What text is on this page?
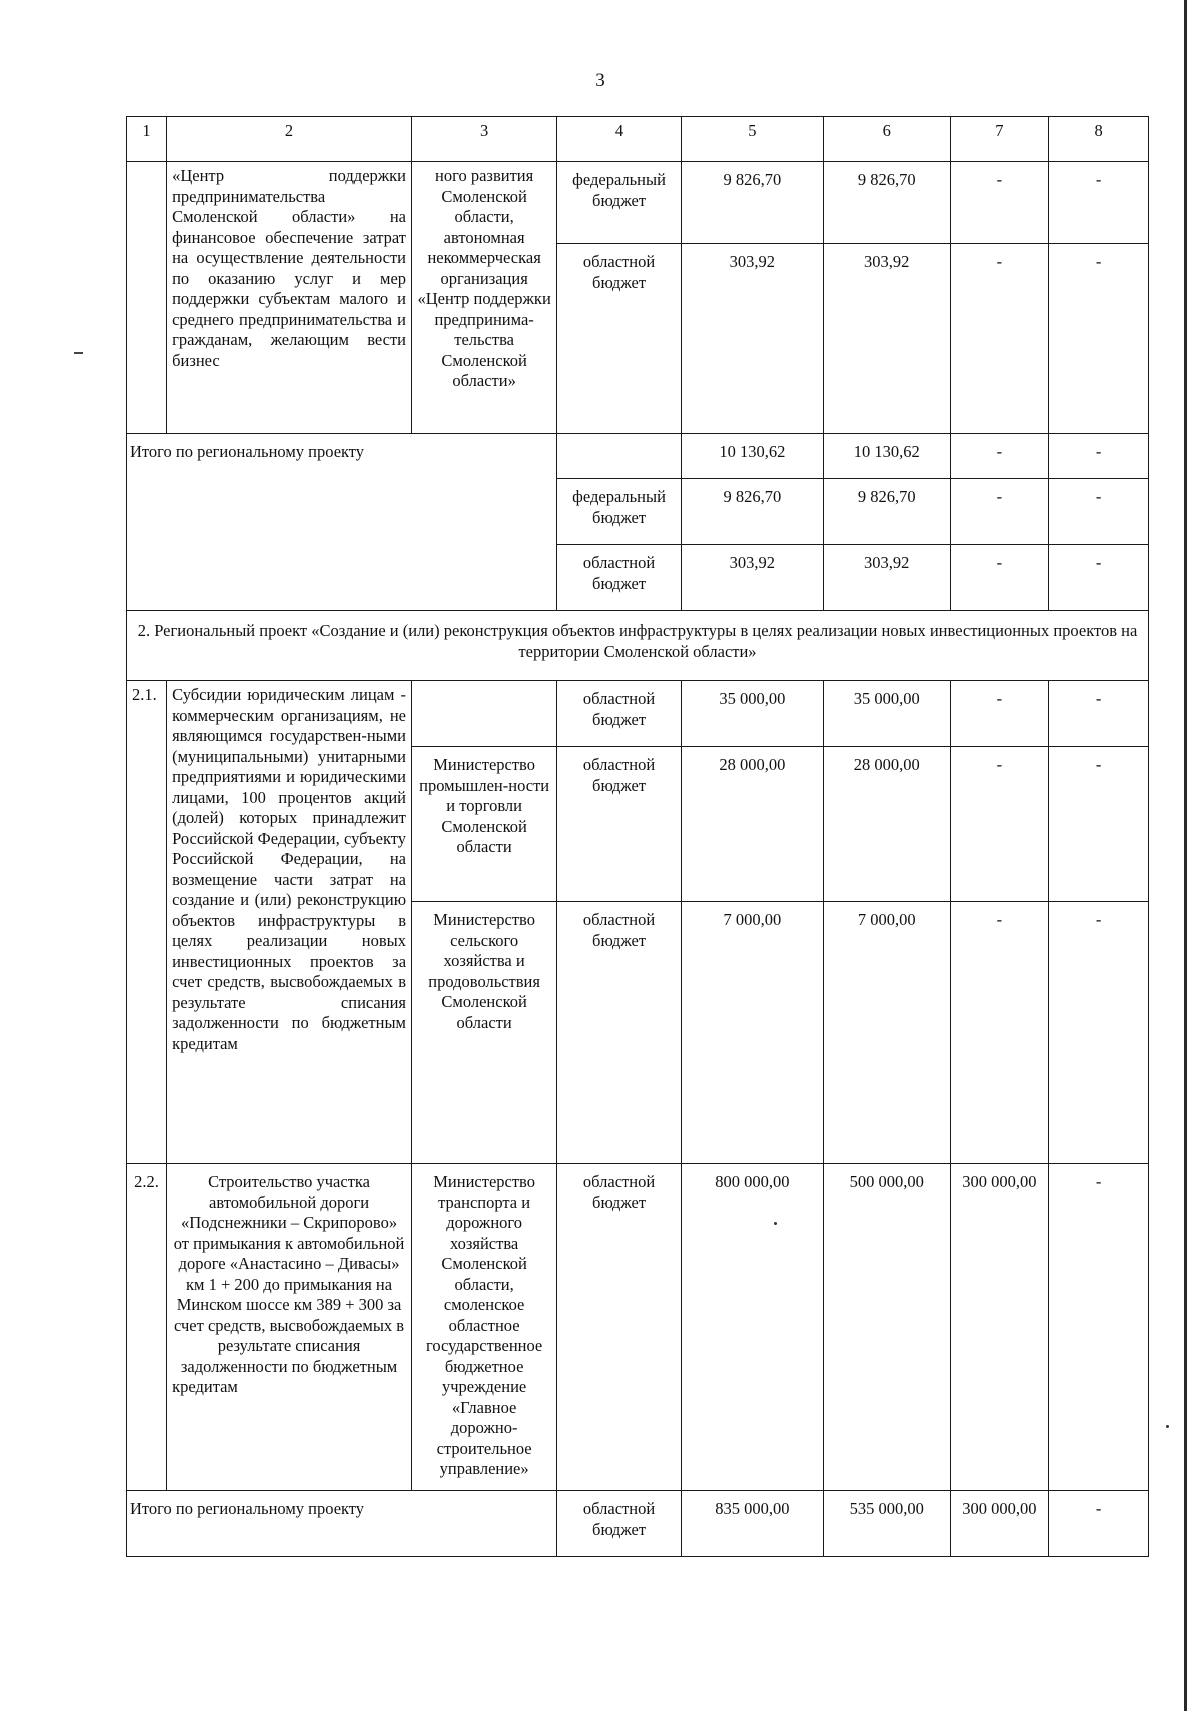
3
1	2	3	4	5	6	7	8
	«Центр поддержки предпринимательства Смоленской области» на финансовое обеспечение затрат на осуществление деятельности по оказанию услуг и мер поддержки субъектам малого и среднего предпринимательства и гражданам, желающим вести бизнес	ного развития Смоленской области, автономная некоммерческая организация «Центр поддержки предпринима-тельства Смоленской области»	федеральный бюджет	9 826,70	9 826,70	-	-
			областной бюджет	303,92	303,92	-	-
Итого по региональному проекту				10 130,62	10 130,62	-	-
			федеральный бюджет	9 826,70	9 826,70	-	-
			областной бюджет	303,92	303,92	-	-
2. Региональный проект «Создание и (или) реконструкция объектов инфраструктуры в целях реализации новых инвестиционных проектов на территории Смоленской области»							
2.1.	Субсидии юридическим лицам - коммерческим организациям, не являющимся государствен-ными (муниципальными) унитарными предприятиями и юридическими лицами, 100 процентов акций (долей) которых принадлежит Российской Федерации, субъекту Российской Федерации, на возмещение части затрат на создание и (или) реконструкцию объектов инфраструктуры в целях реализации новых инвестиционных проектов за счет средств, высвобождаемых в результате списания задолженности по бюджетным кредитам		областной бюджет	35 000,00	35 000,00	-	-
		Министерство промышлен-ности и торговли Смоленской области	областной бюджет	28 000,00	28 000,00	-	-
		Министерство сельского хозяйства и продовольствия Смоленской области	областной бюджет	7 000,00	7 000,00	-	-
2.2.	Строительство участка автомобильной дороги «Подснежники – Скрипорово» от примыкания к автомобильной дороге «Анастасино – Дивасы» км 1 + 200 до примыкания на Минском шоссе км 389 + 300 за счет средств, высвобождаемых в результате списания задолженности по бюджетным кредитам	Министерство транспорта и дорожного хозяйства Смоленской области, смоленское областное государственное бюджетное учреждение «Главное дорожно-строительное управление»	областной бюджет	800 000,00	500 000,00	300 000,00	-
Итого по региональному проекту			областной бюджет	835 000,00	535 000,00	300 000,00	-
